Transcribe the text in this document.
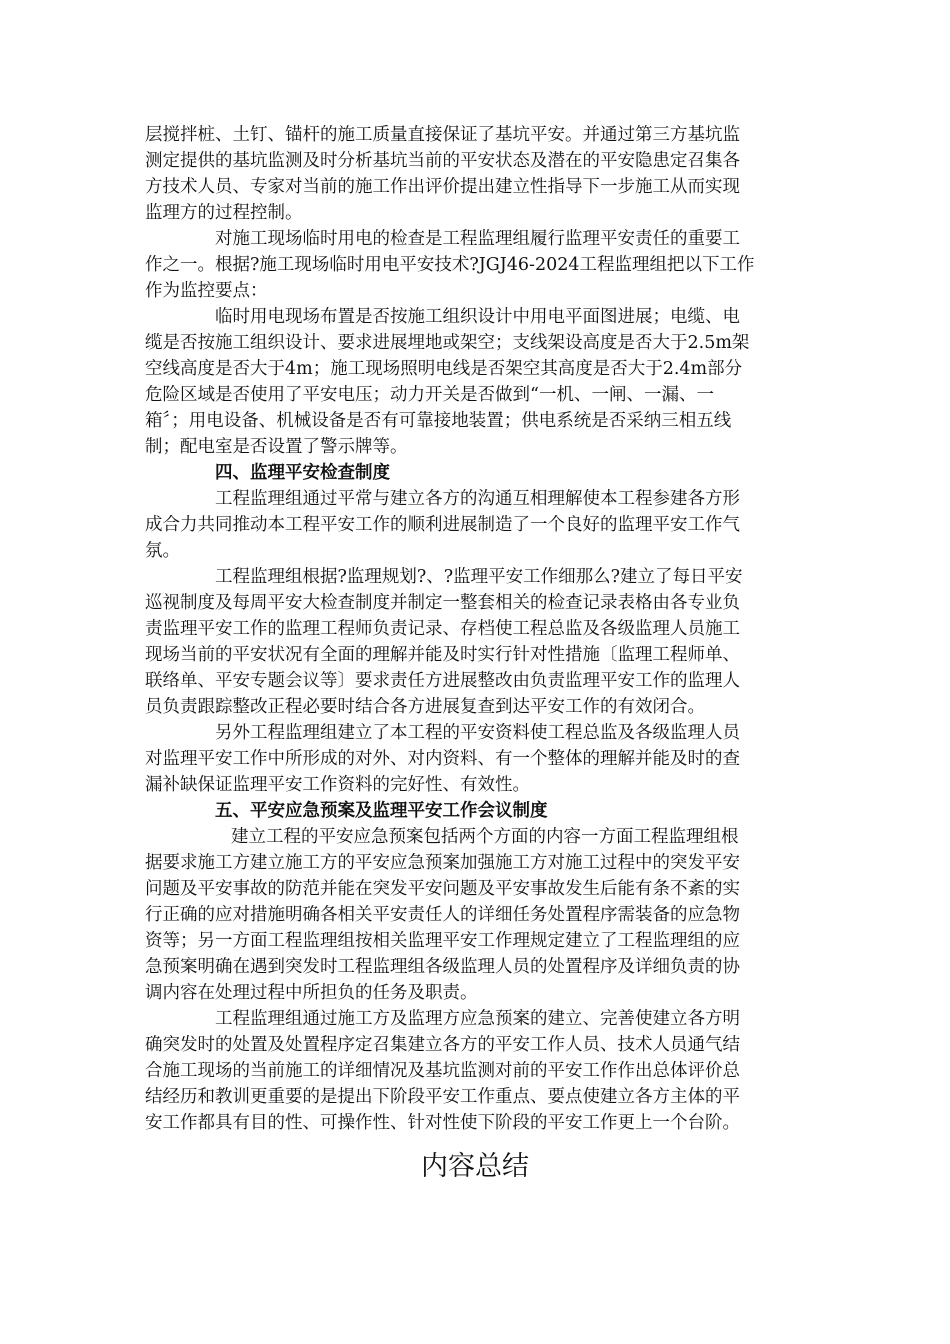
层搅拌桩、土钉、锚杆的施工质量直接保证了基坑平安。并通过第三方基坑监
测定提供的基坑监测及时分析基坑当前的平安状态及潜在的平安隐患定召集各
方技术人员、专家对当前的施工作出评价提出建立性指导下一步施工从而实现
监理方的过程控制。
对施工现场临时用电的检查是工程监理组履行监理平安责任的重要工
作之一。根据?施工现场临时用电平安技术?JGJ46-2024工程监理组把以下工作
作为监控要点：
临时用电现场布置是否按施工组织设计中用电平面图进展；电缆、电
缆是否按施工组织设计、要求进展埋地或架空；支线架设高度是否大于2.5m架
空线高度是否大于4m；施工现场照明电线是否架空其高度是否大于2.4m部分
危险区域是否使用了平安电压；动力开关是否做到“一机、一闸、一漏、一
箱〞；用电设备、机械设备是否有可靠接地装置；供电系统是否采纳三相五线
制；配电室是否设置了警示牌等。
四、监理平安检查制度
工程监理组通过平常与建立各方的沟通互相理解使本工程参建各方形
成合力共同推动本工程平安工作的顺利进展制造了一个良好的监理平安工作气
氛。
工程监理组根据?监理规划?、?监理平安工作细那么?建立了每日平安
巡视制度及每周平安大检查制度并制定一整套相关的检查记录表格由各专业负
责监理平安工作的监理工程师负责记录、存档使工程总监及各级监理人员施工
现场当前的平安状况有全面的理解并能及时实行针对性措施〔监理工程师单、
联络单、平安专题会议等〕要求责任方进展整改由负责监理平安工作的监理人
员负责跟踪整改正程必要时结合各方进展复查到达平安工作的有效闭合。
另外工程监理组建立了本工程的平安资料使工程总监及各级监理人员
对监理平安工作中所形成的对外、对内资料、有一个整体的理解并能及时的查
漏补缺保证监理平安工作资料的完好性、有效性。
五、平安应急预案及监理平安工作会议制度
建立工程的平安应急预案包括两个方面的内容一方面工程监理组根
据要求施工方建立施工方的平安应急预案加强施工方对施工过程中的突发平安
问题及平安事故的防范并能在突发平安问题及平安事故发生后能有条不紊的实
行正确的应对措施明确各相关平安责任人的详细任务处置程序需装备的应急物
资等；另一方面工程监理组按相关监理平安工作理规定建立了工程监理组的应
急预案明确在遇到突发时工程监理组各级监理人员的处置程序及详细负责的协
调内容在处理过程中所担负的任务及职责。
工程监理组通过施工方及监理方应急预案的建立、完善使建立各方明
确突发时的处置及处置程序定召集建立各方的平安工作人员、技术人员通气结
合施工现场的当前施工的详细情况及基坑监测对前的平安工作作出总体评价总
结经历和教训更重要的是提出下阶段平安工作重点、要点使建立各方主体的平
安工作都具有目的性、可操作性、针对性使下阶段的平安工作更上一个台阶。
内容总结
